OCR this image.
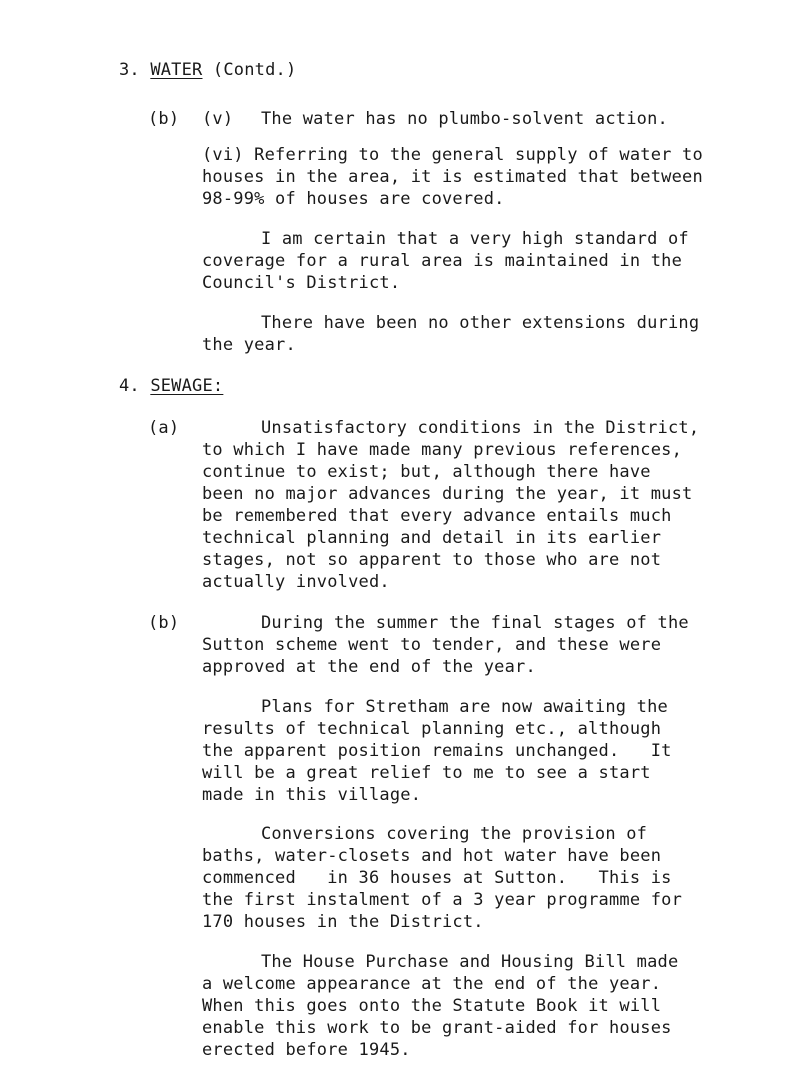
3. WATER (Contd.)
(b) (v) The water has no plumbo-solvent action.
(vi) Referring to the general supply of water to
houses in the area, it is estimated that between
98-99% of houses are covered.
I am certain that a very high standard of
coverage for a rural area is maintained in the
Council's District.
There have been no other extensions during
the year.
4. SEWAGE:
(a)	Unsatisfactory conditions in the District,
to which I have made many previous references,
continue to exist; but, although there have
been no major advances during the year, it must
be remembered that every advance entails much
technical planning and detail in its earlier
stages, not so apparent to those who are not
actually involved.
(b)	During the summer the final stages of the
Sutton scheme went to tender, and these were
approved at the end of the year.
Plans for Stretham are now awaiting the
results of technical planning etc., although
the apparent position remains unchanged.   It
will be a great relief to me to see a start
made in this village.
Conversions covering the provision of
baths, water-closets and hot water have been
commenced   in 36 houses at Sutton.   This is
the first instalment of a 3 year programme for
170 houses in the District.
The House Purchase and Housing Bill made
a welcome appearance at the end of the year.
When this goes onto the Statute Book it will
enable this work to be grant-aided for houses
erected before 1945.
